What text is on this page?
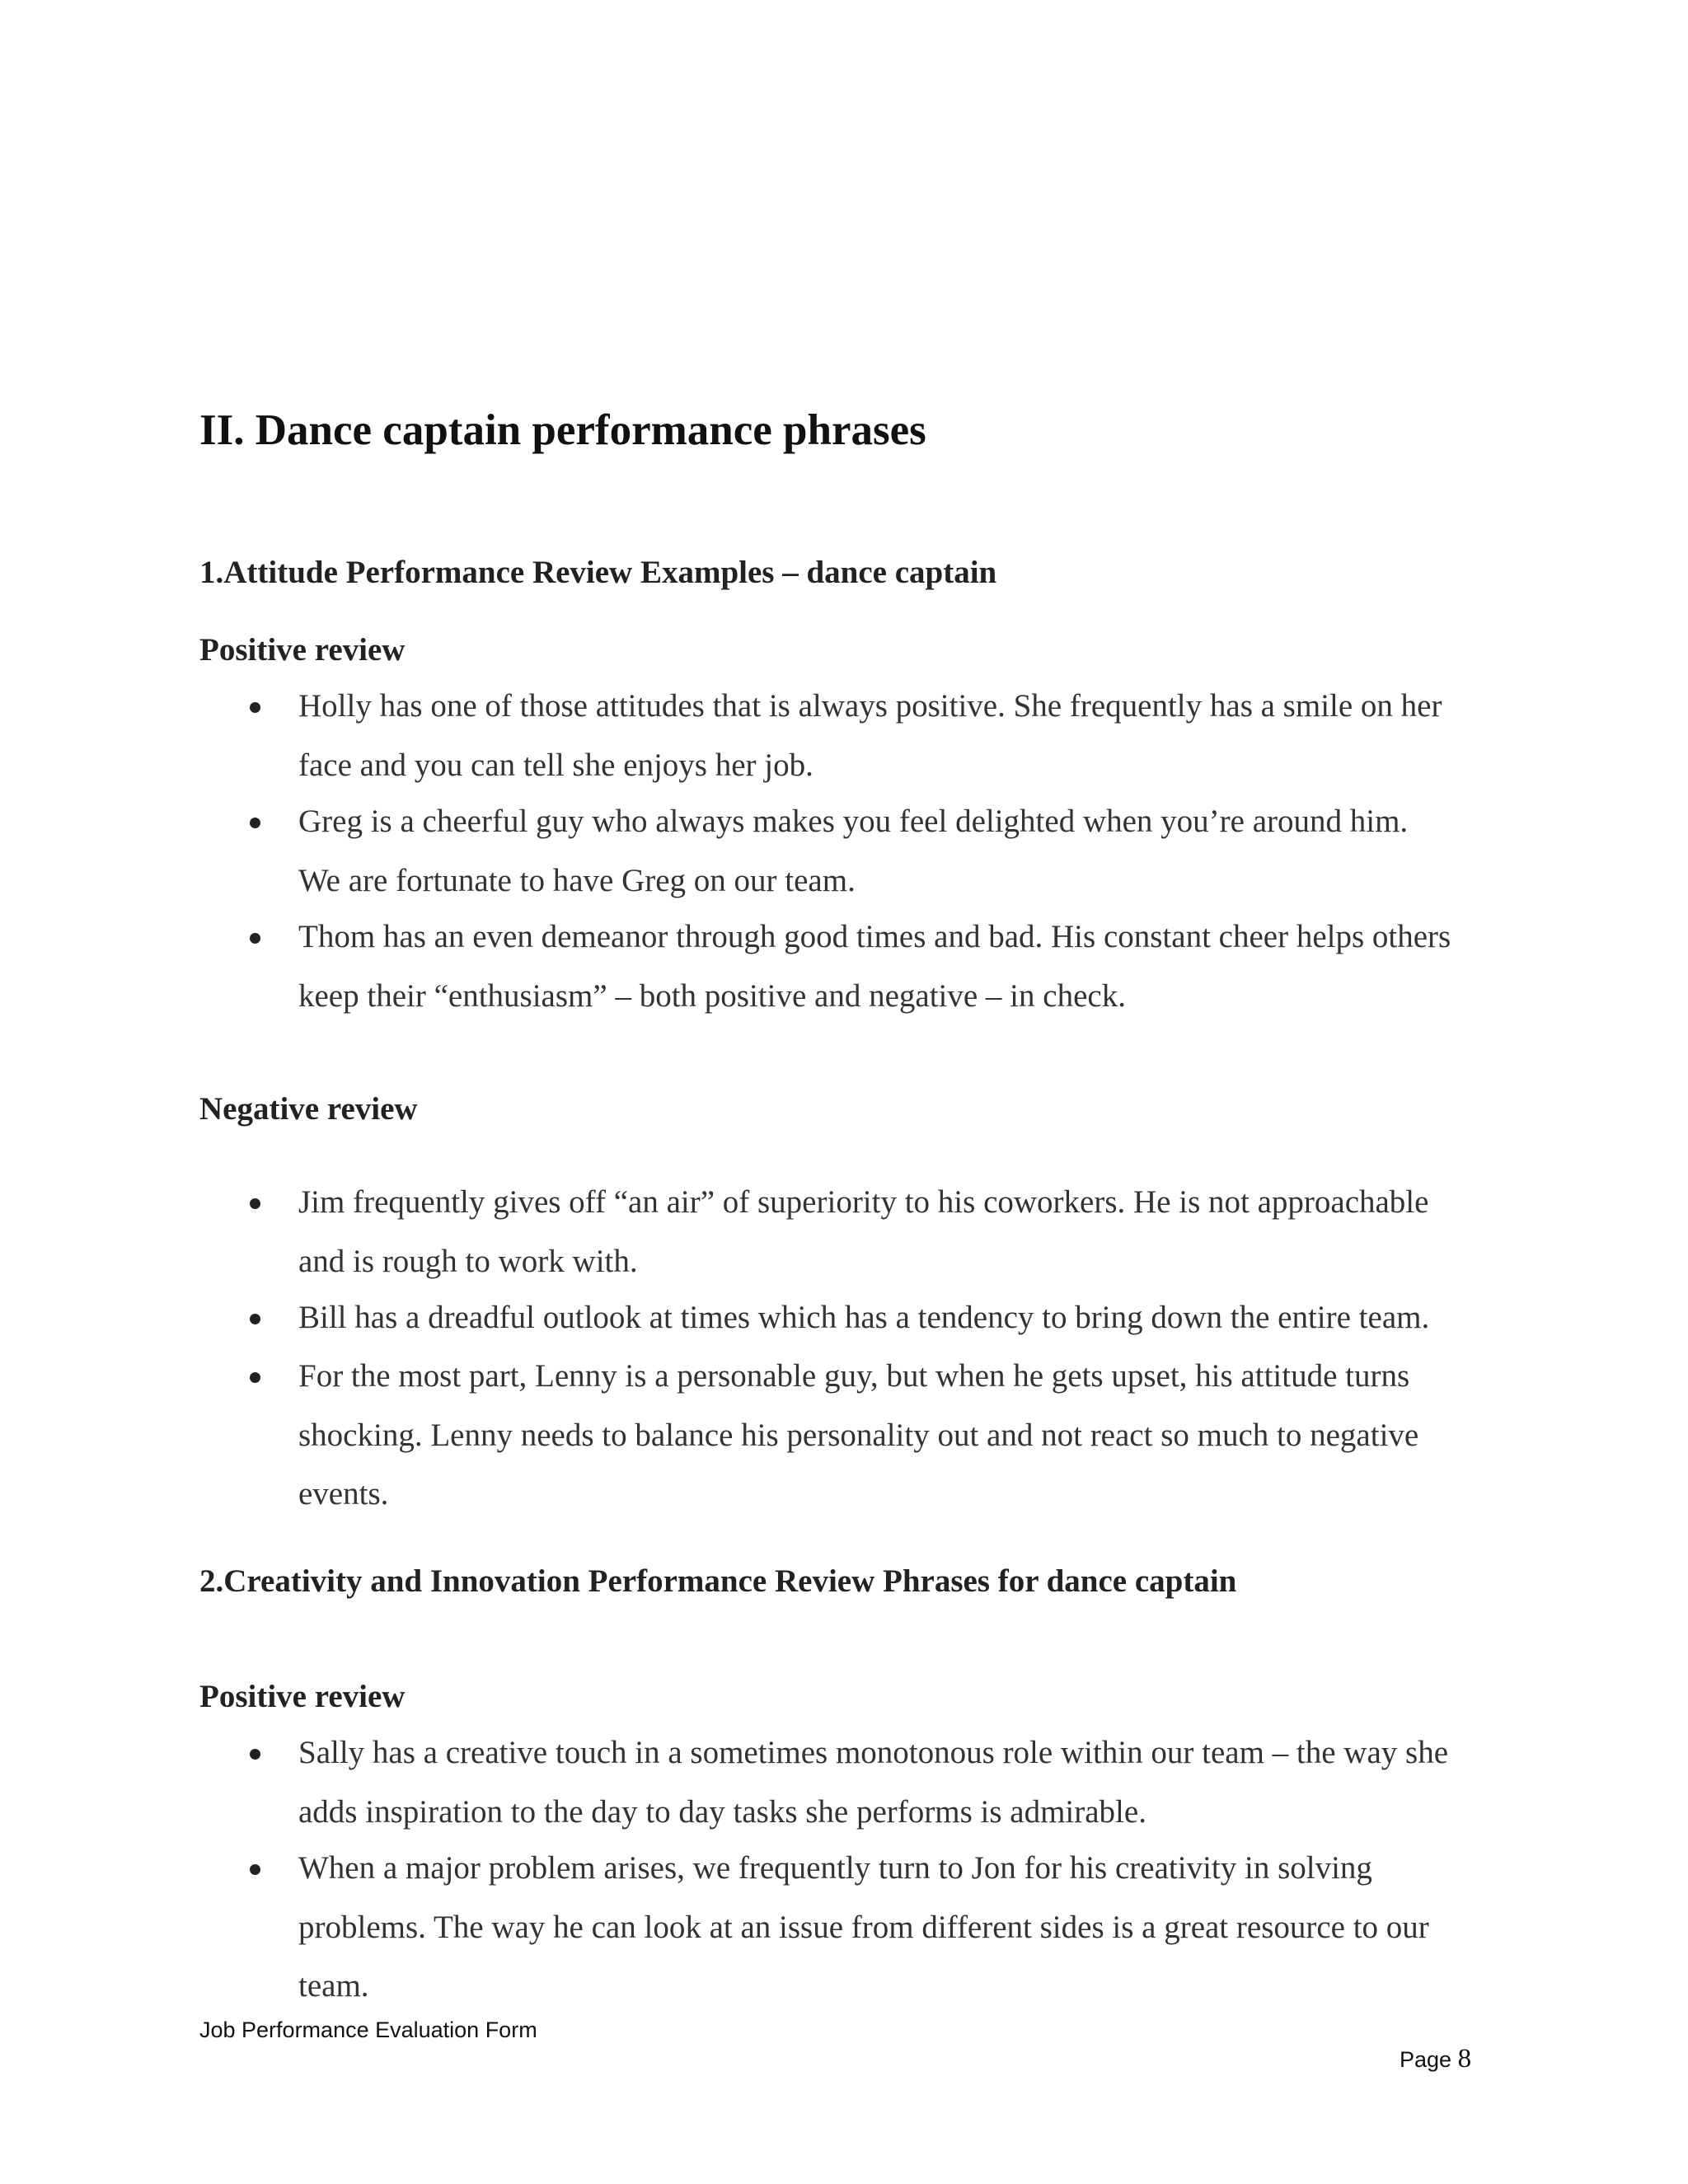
II. Dance captain performance phrases
1.Attitude Performance Review Examples – dance captain
Positive review
Holly has one of those attitudes that is always positive. She frequently has a smile on her
face and you can tell she enjoys her job.
Greg is a cheerful guy who always makes you feel delighted when you’re around him.
We are fortunate to have Greg on our team.
Thom has an even demeanor through good times and bad. His constant cheer helps others
keep their “enthusiasm” – both positive and negative – in check.
Negative review
Jim frequently gives off “an air” of superiority to his coworkers. He is not approachable
and is rough to work with.
Bill has a dreadful outlook at times which has a tendency to bring down the entire team.
For the most part, Lenny is a personable guy, but when he gets upset, his attitude turns
shocking. Lenny needs to balance his personality out and not react so much to negative
events.
2.Creativity and Innovation Performance Review Phrases for dance captain
Positive review
Sally has a creative touch in a sometimes monotonous role within our team – the way she
adds inspiration to the day to day tasks she performs is admirable.
When a major problem arises, we frequently turn to Jon for his creativity in solving
problems. The way he can look at an issue from different sides is a great resource to our
team.
Job Performance Evaluation Form
Page 8
